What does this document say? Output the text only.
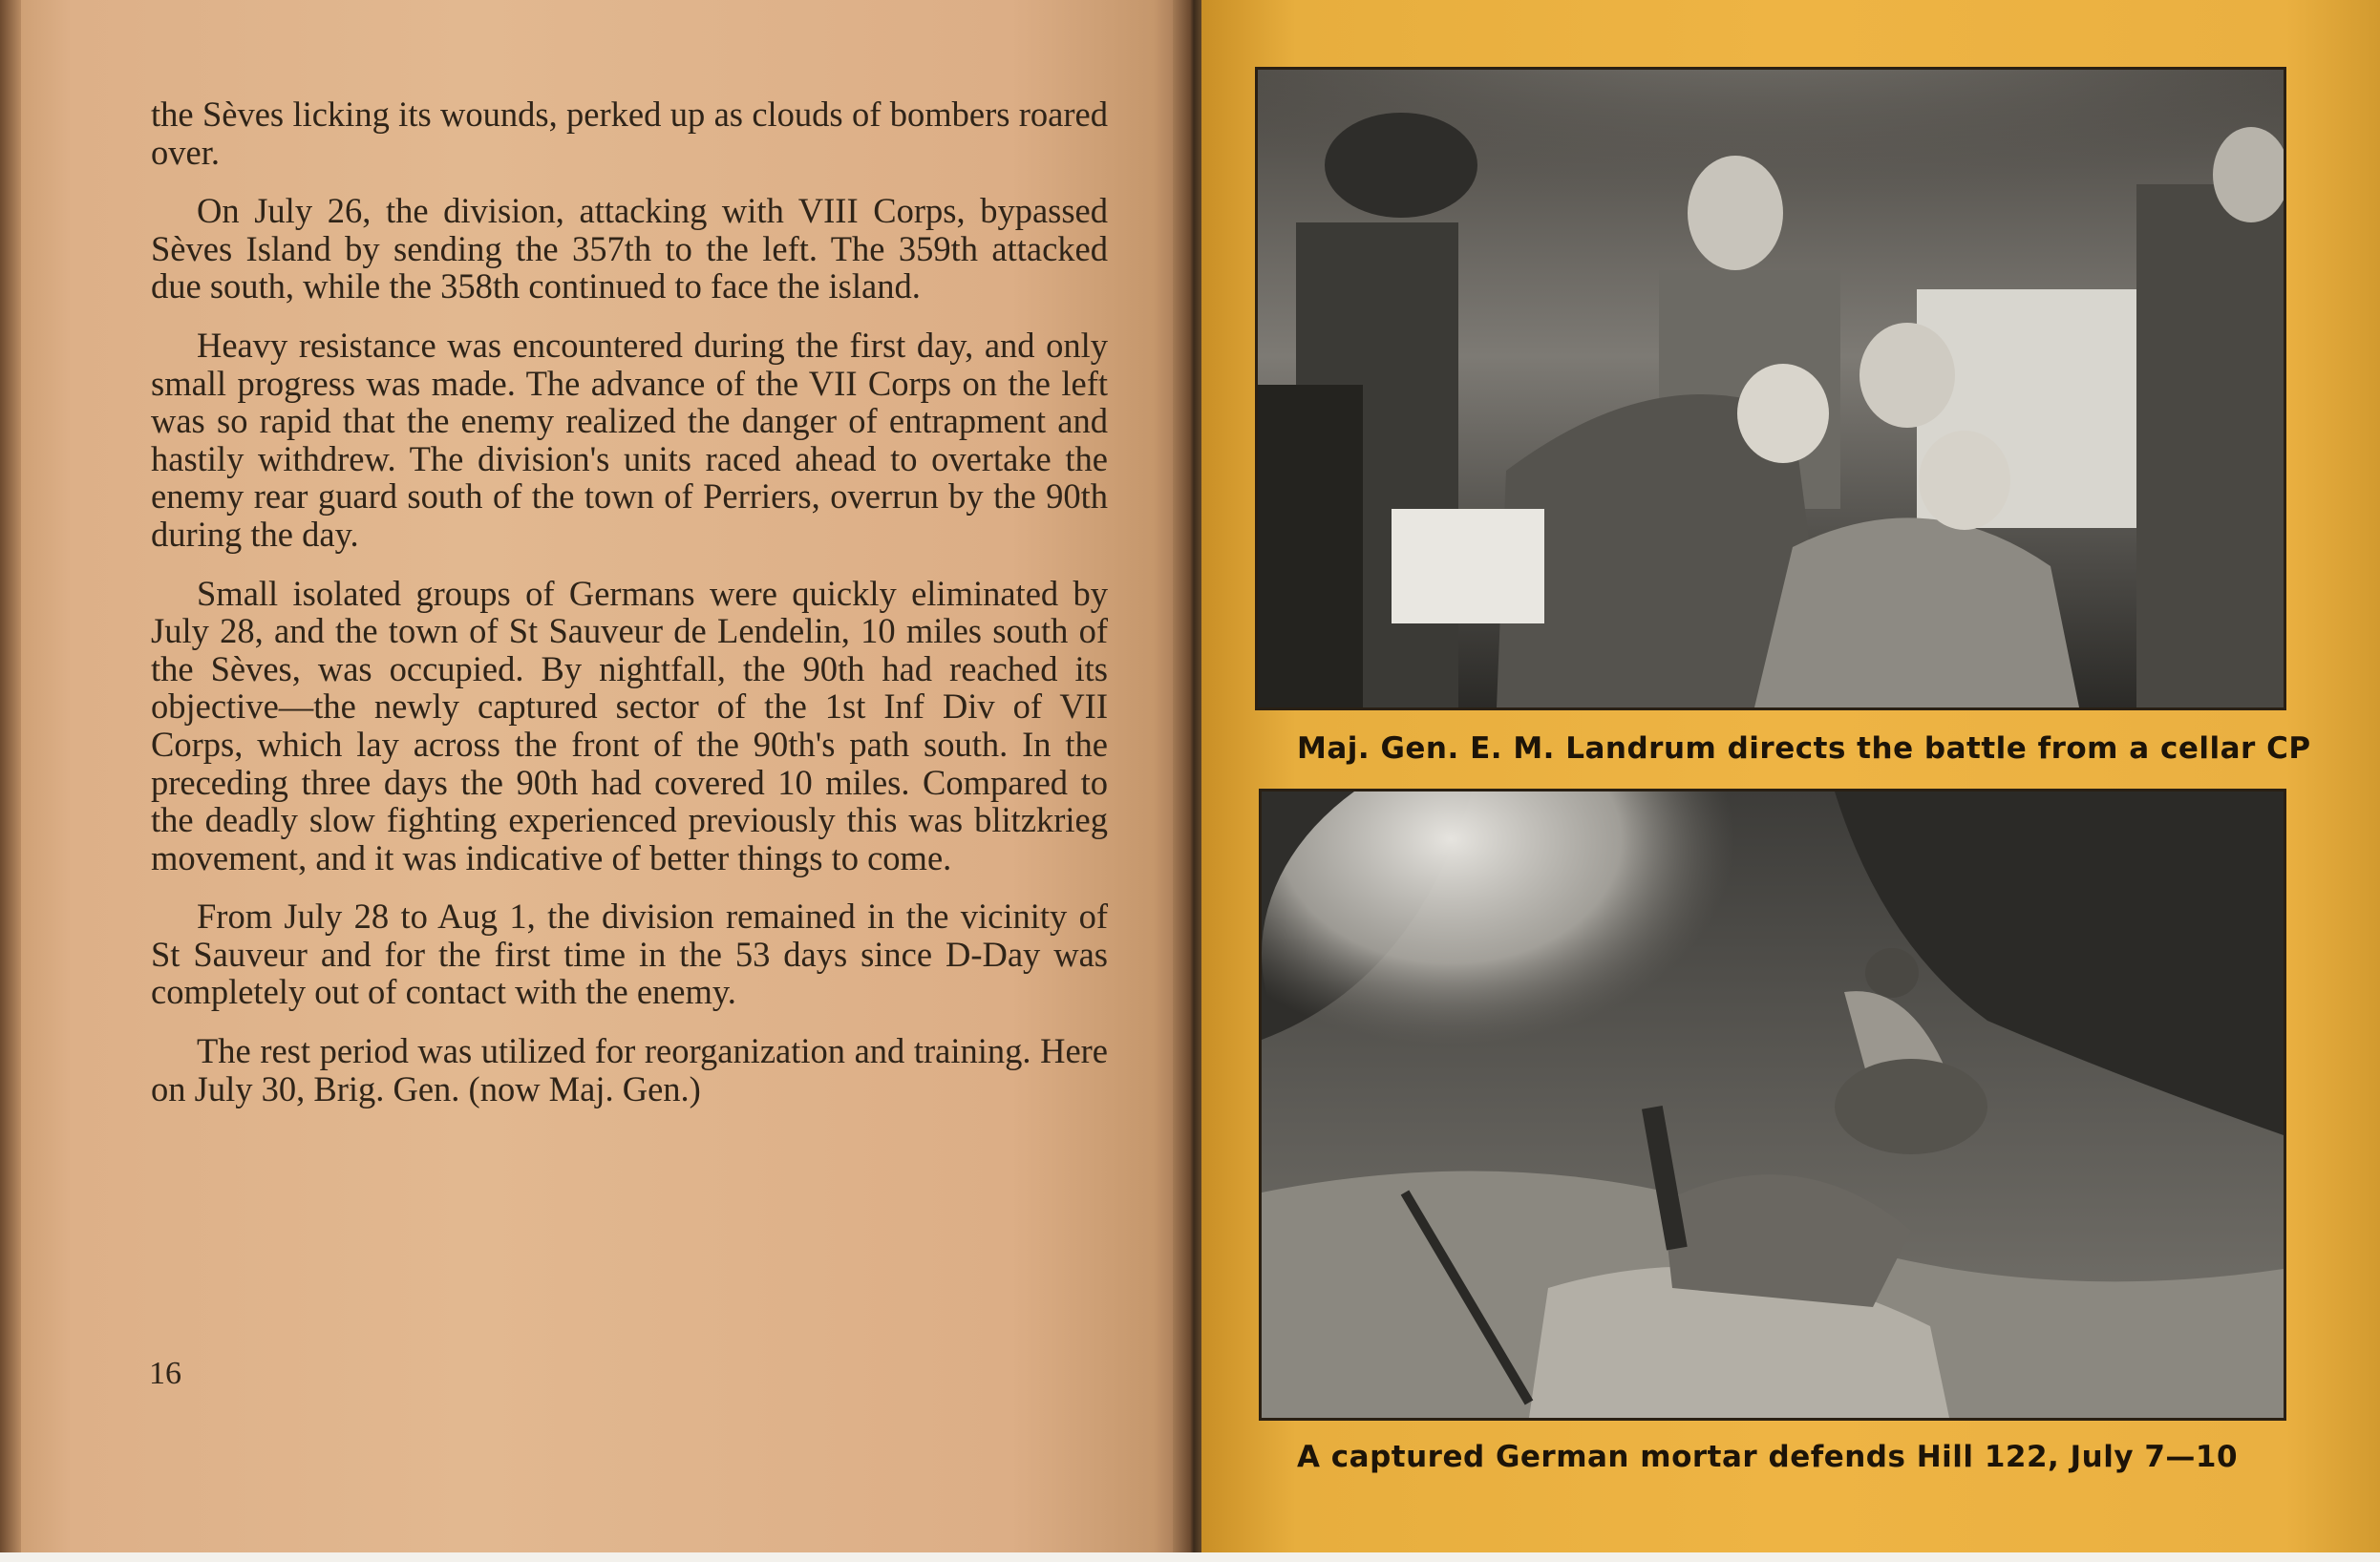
the Sèves licking its wounds, perked up as clouds of bombers roared over.

On July 26, the division, attacking with VIII Corps, bypassed Sèves Island by sending the 357th to the left. The 359th attacked due south, while the 358th continued to face the island.

Heavy resistance was encountered during the first day, and only small progress was made. The advance of the VII Corps on the left was so rapid that the enemy realized the danger of entrapment and hastily withdrew. The division's units raced ahead to overtake the enemy rear guard south of the town of Perriers, overrun by the 90th during the day.

Small isolated groups of Germans were quickly eliminated by July 28, and the town of St Sauveur de Lendelin, 10 miles south of the Sèves, was occupied. By nightfall, the 90th had reached its objective—the newly captured sector of the 1st Inf Div of VII Corps, which lay across the front of the 90th's path south. In the preceding three days the 90th had covered 10 miles. Compared to the deadly slow fighting experienced previously this was blitzkrieg movement, and it was indicative of better things to come.

From July 28 to Aug 1, the division remained in the vicinity of St Sauveur and for the first time in the 53 days since D-Day was completely out of contact with the enemy.

The rest period was utilized for reorganization and training. Here on July 30, Brig. Gen. (now Maj. Gen.)

16
Maj. Gen. E. M. Landrum directs the battle from a cellar CP
A captured German mortar defends Hill 122, July 7—10
